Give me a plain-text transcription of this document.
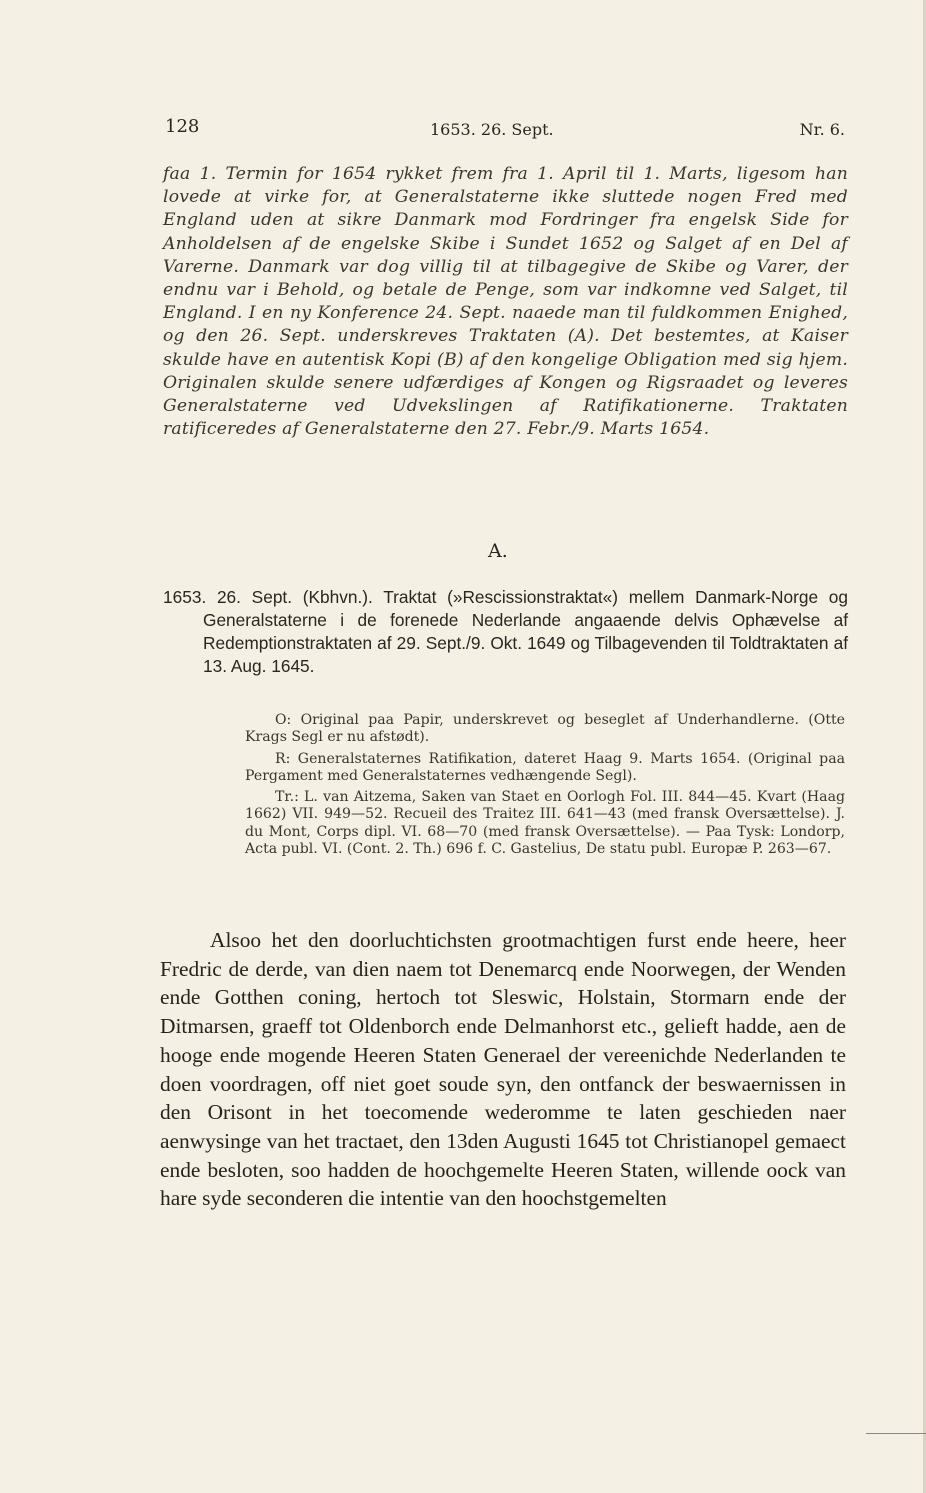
128	1653. 26. Sept.	Nr. 6.

faa 1. Termin for 1654 rykket frem fra 1. April til 1. Marts, ligesom han lovede at virke for, at Generalstaterne ikke sluttede nogen Fred med England uden at sikre Danmark mod Fordringer fra engelsk Side for Anholdelsen af de engelske Skibe i Sundet 1652 og Salget af en Del af Varerne. Danmark var dog villig til at tilbagegive de Skibe og Varer, der endnu var i Behold, og betale de Penge, som var indkomne ved Salget, til England. I en ny Konference 24. Sept. naaede man til fuldkommen Enighed, og den 26. Sept. underskreves Traktaten (A). Det bestemtes, at Kaiser skulde have en autentisk Kopi (B) af den kongelige Obligation med sig hjem. Originalen skulde senere udfærdiges af Kongen og Rigsraadet og leveres Generalstaterne ved Udvekslingen af Ratifikationerne. Traktaten ratificeredes af Generalstaterne den 27. Febr./9. Marts 1654.

A.

1653. 26. Sept. (Kbhvn.). Traktat (»Rescissionstraktat«) mellem Danmark-Norge og Generalstaterne i de forenede Nederlande angaaende delvis Ophævelse af Redemptionstraktaten af 29. Sept./9. Okt. 1649 og Tilbagevenden til Toldtraktaten af 13. Aug. 1645.

O: Original paa Papir, underskrevet og beseglet af Underhandlerne. (Otte Krags Segl er nu afstødt).

R: Generalstaternes Ratifikation, dateret Haag 9. Marts 1654. (Original paa Pergament med Generalstaternes vedhængende Segl).

Tr.: L. van Aitzema, Saken van Staet en Oorlogh Fol. III. 844—45. Kvart (Haag 1662) VII. 949—52. Recueil des Traitez III. 641—43 (med fransk Oversættelse). J. du Mont, Corps dipl. VI. 68—70 (med fransk Oversættelse). — Paa Tysk: Londorp, Acta publ. VI. (Cont. 2. Th.) 696 f. C. Gastelius, De statu publ. Europæ P. 263—67.

Alsoo het den doorluchtichsten grootmachtigen furst ende heere, heer Fredric de derde, van dien naem tot Denemarcq ende Noorwegen, der Wenden ende Gotthen coning, hertoch tot Sleswic, Holstain, Stormarn ende der Ditmarsen, graeff tot Oldenborch ende Delmanhorst etc., gelieft hadde, aen de hooge ende mogende Heeren Staten Generael der vereenichde Nederlanden te doen voordragen, off niet goet soude syn, den ontfanck der beswaernissen in den Orisont in het toecomende wederomme te laten geschieden naer aenwysinge van het tractaet, den 13den Augusti 1645 tot Christianopel gemaect ende besloten, soo hadden de hoochgemelte Heeren Staten, willende oock van hare syde seconderen die intentie van den hoochstgemelten
